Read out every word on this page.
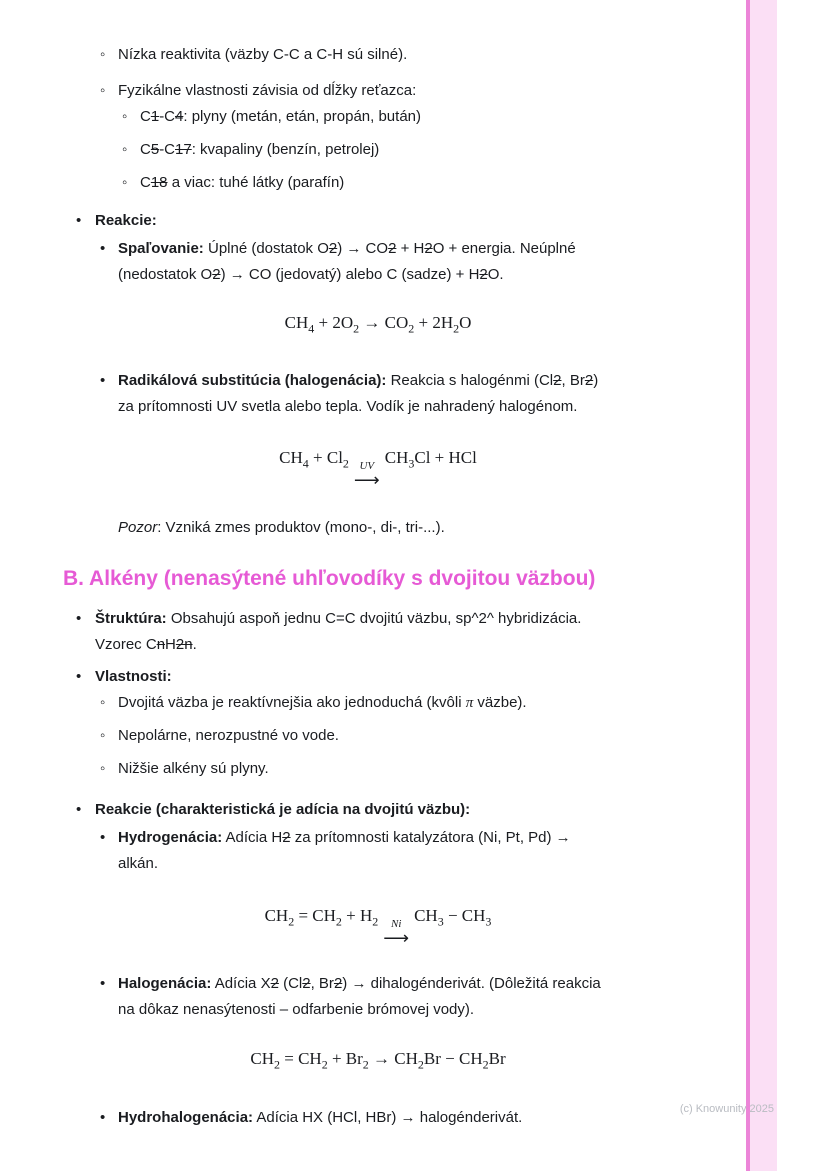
◦ Nízka reaktivita (väzby C-C a C-H sú silné).
◦ Fyzikálne vlastnosti závisia od dĺžky reťazca:
◦ C1-C4: plyny (metán, etán, propán, bután)
◦ C5-C17: kvapaliny (benzín, petrolej)
◦ C18 a viac: tuhé látky (parafín)
• Reakcie:
• Spaľovanie: Úplné (dostatok O2) → CO2 + H2O + energia. Neúplné
(nedostatok O2) → CO (jedovatý) alebo C (sadze) + H2O.
$CH_4 + 2O_2 \to CO_2 + 2H_2O$
• Radikálová substitúcia (halogenácia): Reakcia s halogénmi (Cl2, Br2)
za prítomnosti UV svetla alebo tepla. Vodík je nahradený halogénom.
$CH_4 + Cl_2$ UV
⟶
$CH_3Cl$ + HCl
Pozor: Vzniká zmes produktov (mono-, di-, tri-...).
B. Alkény (nenasýtené uhľovodíky s dvojitou väzbou)
• Štruktúra: Obsahujú aspoň jednu C=C dvojitú väzbu, sp^2^ hybridizácia.
Vzorec CnH2n.
• Vlastnosti:
◦ Dvojitá väzba je reaktívnejšia ako jednoduchá (kvôli π väzbe).
◦ Nepolárne, nerozpustné vo vode.
◦ Nižšie alkény sú plyny.
• Reakcie (charakteristická je adícia na dvojitú väzbu):
• Hydrogenácia: Adícia H2 za prítomnosti katalyzátora (Ni, Pt, Pd) →
alkán.
$CH_2 = CH_2 + H_2$ Ni
⟶
$CH_3 - CH_3$
• Halogenácia: Adícia X2 (Cl2, Br2) → dihalogénderivát. (Dôležitá reakcia
na dôkaz nenasýtenosti – odfarbenie brómovej vody).
$CH_2 = CH_2 + Br_2 \to CH_2Br - CH_2Br$
• Hydrohalogenácia: Adícia HX (HCl, HBr) → halogénderivát.	(c) Knowunity 2025
